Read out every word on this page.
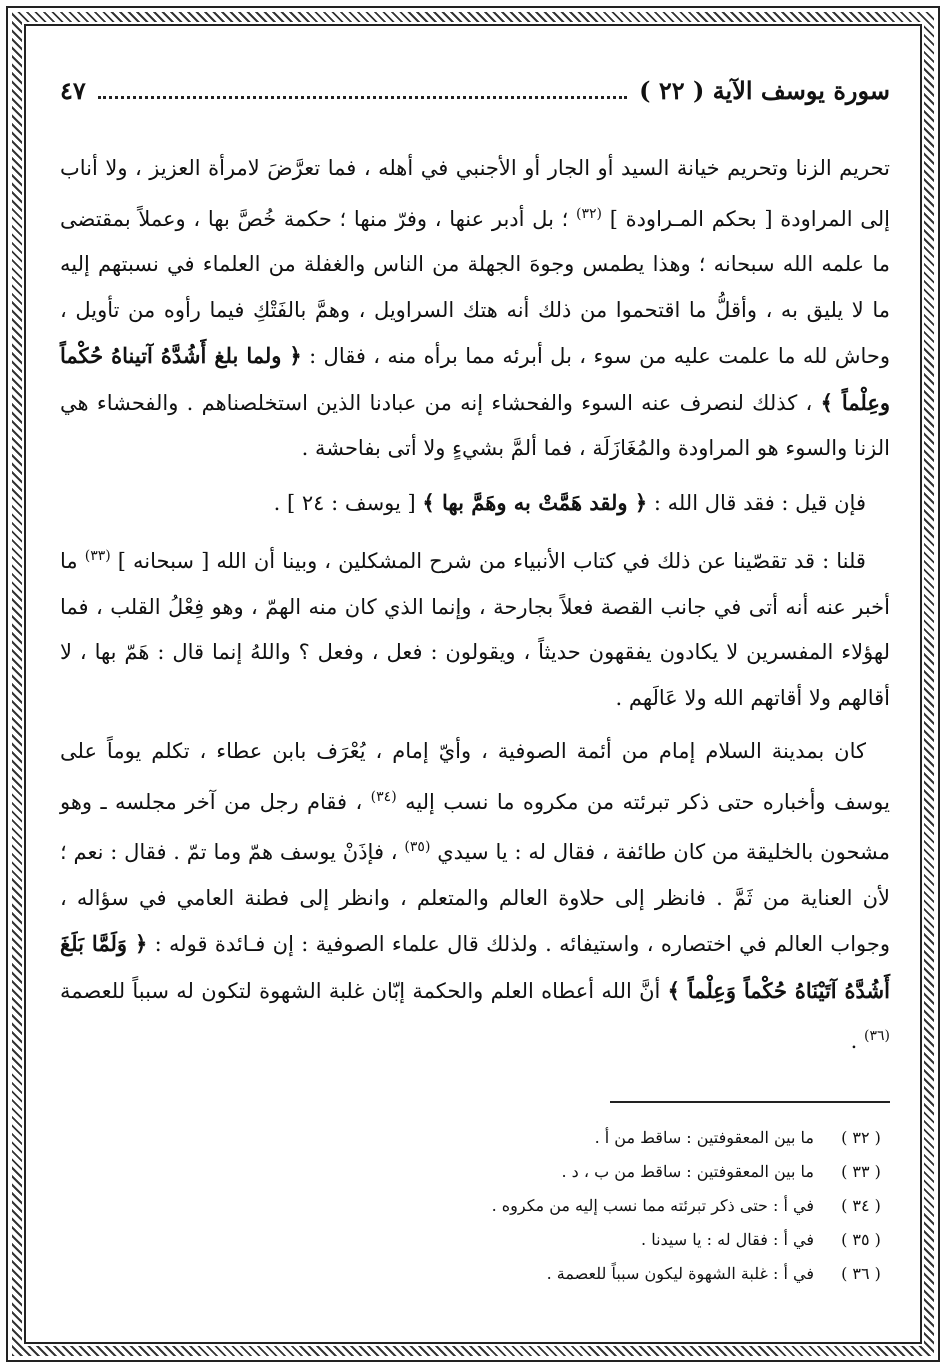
سورة يوسف الآية ( ٢٢ )
٤٧

تحريم الزنا وتحريم خيانة السيد أو الجار أو الأجنبي في أهله ، فما تعرَّضَ لامرأة العزيز ، ولا أناب إلى المراودة [ بحكم المـراودة ] $^{(٣٢)}$ ؛ بل أدبر عنها ، وفرّ منها ؛ حكمة خُصَّ بها ، وعملاً بمقتضى ما علمه الله سبحانه ؛ وهذا يطمس وجوهَ الجهلة من الناس والغفلة من العلماء في نسبتهم إليه ما لا يليق به ، وأقلُّ ما اقتحموا من ذلك أنه هتك السراويل ، وهمَّ بالفَتْكِ فيما رأوه من تأويل ، وحاش لله ما علمت عليه من سوء ، بل أبرئه مما برأه منه ، فقال : ﴿ ولما بلغ أَشُدَّهُ آتيناهُ حُكْماً وعِلْماً ﴾ ، كذلك لنصرف عنه السوء والفحشاء إنه من عبادنا الذين استخلصناهم . والفحشاء هي الزنا والسوء هو المراودة والمُغَازَلَة ، فما ألمَّ بشيءٍ ولا أتى بفاحشة .

فإن قيل : فقد قال الله : ﴿ ولقد هَمَّتْ به وهَمَّ بها ﴾ [ يوسف : ٢٤ ] .

قلنا : قد تقصّينا عن ذلك في كتاب الأنبياء من شرح المشكلين ، وبينا أن الله [ سبحانه ] $^{(٣٣)}$ ما أخبر عنه أنه أتى في جانب القصة فعلاً بجارحة ، وإنما الذي كان منه الهمّ ، وهو فِعْلُ القلب ، فما لهؤلاء المفسرين لا يكادون يفقهون حديثاً ، ويقولون : فعل ، وفعل ؟ واللهُ إنما قال : هَمّ بها ، لا أقالهم ولا أقاتهم الله ولا عَالَهم .

كان بمدينة السلام إمام من أئمة الصوفية ، وأيّ إمام ، يُعْرَف بابن عطاء ، تكلم يوماً على يوسف وأخباره حتى ذكر تبرئته من مكروه ما نسب إليه $^{(٣٤)}$ ، فقام رجل من آخر مجلسه ـ وهو مشحون بالخليقة من كان طائفة ، فقال له : يا سيدي $^{(٣٥)}$ ، فإذَنْ يوسف همّ وما تمّ . فقال : نعم ؛ لأن العناية من ثَمَّ . فانظر إلى حلاوة العالم والمتعلم ، وانظر إلى فطنة العامي في سؤاله ، وجواب العالم في اختصاره ، واستيفائه . ولذلك قال علماء الصوفية : إن فـائدة قوله : ﴿ وَلَمَّا بَلَغَ أَشُدَّهُ آتَيْنَاهُ حُكْماً وَعِلْماً ﴾ أنَّ الله أعطاه العلم والحكمة إبّان غلبة الشهوة لتكون له سبباً للعصمة $^{(٣٦)}$ .

( ٣٢ )
ما بين المعقوفتين : ساقط من أ .
( ٣٣ )
ما بين المعقوفتين : ساقط من ب ، د .
( ٣٤ )
في أ : حتى ذكر تبرئته مما نسب إليه من مكروه .
( ٣٥ )
في أ : فقال له : يا سيدنا .
( ٣٦ )
في أ : غلبة الشهوة ليكون سبباً للعصمة .
